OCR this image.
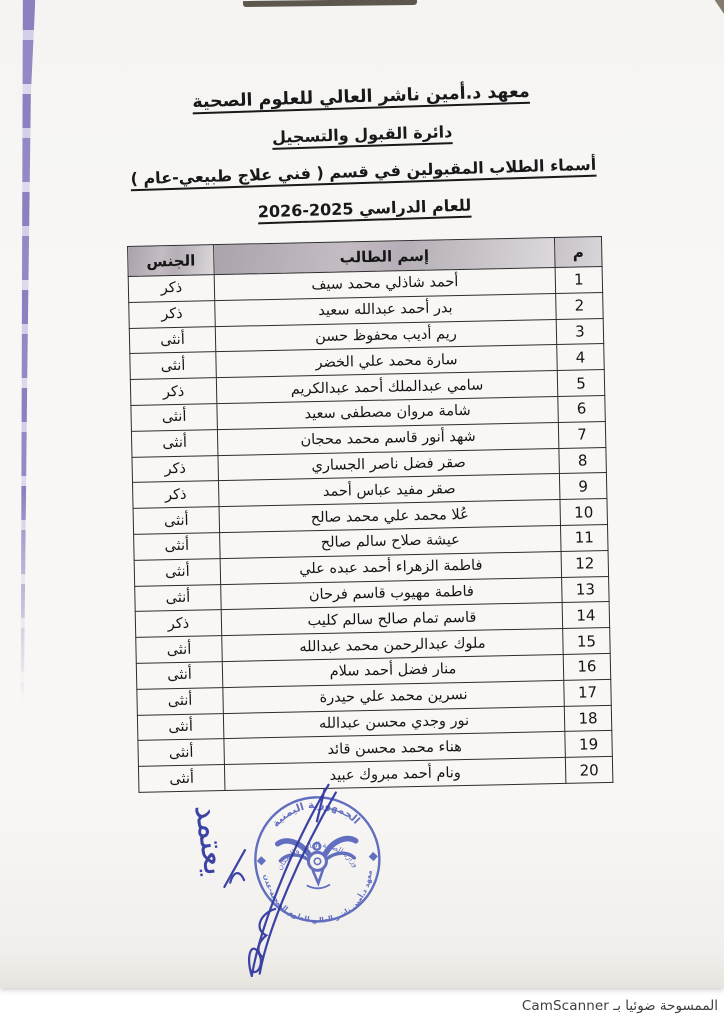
معهد د.أمين ناشر العالي للعلوم الصحية
دائرة القبول والتسجيل
أسماء الطلاب المقبولين في قسم ( فني علاج طبيعي-عام )
للعام الدراسي 2025-2026
م	إسم الطالب	الجنس
1	أحمد شاذلي محمد سيف	ذكر
2	بدر أحمد عبدالله سعيد	ذكر
3	ريم أديب محفوظ حسن	أنثى
4	سارة محمد علي الخضر	أنثى
5	سامي عبدالملك أحمد عبدالكريم	ذكر
6	شامة مروان مصطفى سعيد	أنثى
7	شهد أنور قاسم محمد محجان	أنثى
8	صقر فضل ناصر الجساري	ذكر
9	صقر مفيد عباس أحمد	ذكر
10	عُلا محمد علي محمد صالح	أنثى
11	عيشة صلاح سالم صالح	أنثى
12	فاطمة الزهراء أحمد عبده علي	أنثى
13	فاطمة مهيوب قاسم فرحان	أنثى
14	قاسم تمام صالح سالم كليب	ذكر
15	ملوك عبدالرحمن محمد عبدالله	أنثى
16	منار فضل أحمد سلام	أنثى
17	نسرين محمد علي حيدرة	أنثى
18	نور وجدي محسن عبدالله	أنثى
19	هناء محمد محسن قائد	أنثى
20	ونام أحمد مبروك عبيد	أنثى
الجمهورية اليمنية
وزارة الصحة العامة والسكان
معهد د.أمين ناشر العالي للعلوم الصحية-عدن
يعتمد
الممسوحة ضوئيا بـ CamScanner
